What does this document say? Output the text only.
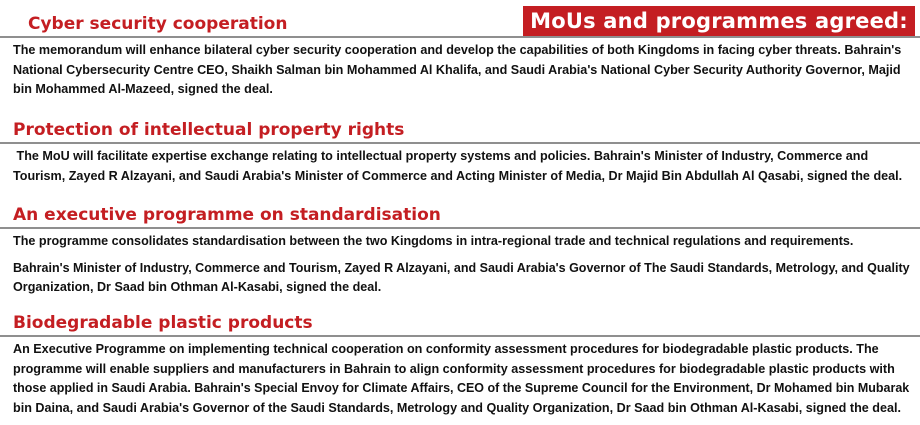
MoUs and programmes agreed:
Cyber security cooperation
The memorandum will enhance bilateral cyber security cooperation and develop the capabilities of both Kingdoms in facing cyber threats. Bahrain's
National Cybersecurity Centre CEO, Shaikh Salman bin Mohammed Al Khalifa, and Saudi Arabia's National Cyber Security Authority Governor, Majid
bin Mohammed Al-Mazeed, signed the deal.
Protection of intellectual property rights
The MoU will facilitate expertise exchange relating to intellectual property systems and policies. Bahrain's Minister of Industry, Commerce and
Tourism, Zayed R Alzayani, and Saudi Arabia's Minister of Commerce and Acting Minister of Media, Dr Majid Bin Abdullah Al Qasabi, signed the deal.
An executive programme on standardisation
The programme consolidates standardisation between the two Kingdoms in intra-regional trade and technical regulations and requirements.
Bahrain's Minister of Industry, Commerce and Tourism, Zayed R Alzayani, and Saudi Arabia's Governor of The Saudi Standards, Metrology, and Quality
Organization, Dr Saad bin Othman Al-Kasabi, signed the deal.
Biodegradable plastic products
An Executive Programme on implementing technical cooperation on conformity assessment procedures for biodegradable plastic products. The
programme will enable suppliers and manufacturers in Bahrain to align conformity assessment procedures for biodegradable plastic products with
those applied in Saudi Arabia. Bahrain's Special Envoy for Climate Affairs, CEO of the Supreme Council for the Environment, Dr Mohamed bin Mubarak
bin Daina, and Saudi Arabia's Governor of the Saudi Standards, Metrology and Quality Organization, Dr Saad bin Othman Al-Kasabi, signed the deal.
